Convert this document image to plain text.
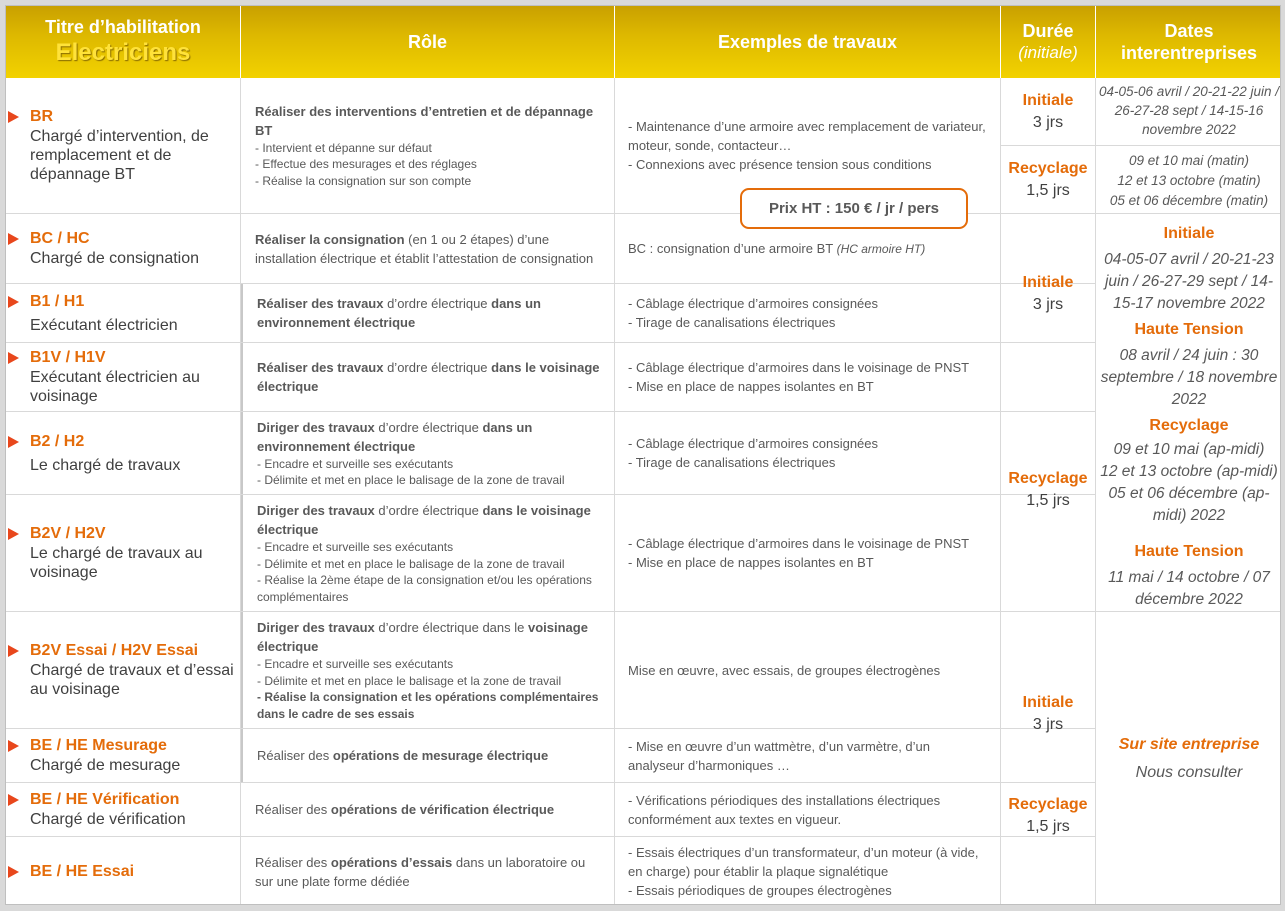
Titre d’habilitation
Electriciens	Rôle	Exemples de travaux
Durée
(initiale)
Dates
interentreprises
BR
Chargé d’intervention, de remplacement et de dépannage BT
Réaliser des interventions d’entretien et de dépannage BT
- Intervient et dépanne sur défaut
- Effectue des mesurages et des réglages
- Réalise la consignation sur son compte
- Maintenance d’une armoire avec remplacement de variateur, moteur, sonde, contacteur…
- Connexions avec présence tension sous conditions
BC / HC
Chargé de consignation
Réaliser la consignation (en 1 ou 2 étapes) d’une installation électrique et établit l’attestation de consignation
BC : consignation d’une armoire BT (HC armoire HT)
B1 / H1
Exécutant électricien
Réaliser des travaux d’ordre électrique dans un environnement électrique
- Câblage électrique d’armoires consignées
- Tirage de canalisations électriques
B1V / H1V
Exécutant électricien au voisinage
Réaliser des travaux d’ordre électrique dans le voisinage électrique
- Câblage électrique d’armoires dans le voisinage de PNST
- Mise en place de nappes isolantes en BT
B2 / H2
Le chargé de travaux
Diriger des travaux d’ordre électrique dans un environnement électrique
- Encadre et surveille ses exécutants
- Délimite et met en place le balisage de la zone de travail
- Câblage électrique d’armoires consignées
- Tirage de canalisations électriques
B2V / H2V
Le chargé de travaux au voisinage
Diriger des travaux d’ordre électrique dans le voisinage électrique
- Encadre et surveille ses exécutants
- Délimite et met en place le balisage de la zone de travail
- Réalise la 2ème étape de la consignation et/ou les opérations complémentaires
- Câblage électrique d’armoires dans le voisinage de PNST
- Mise en place de nappes isolantes en BT
B2V Essai / H2V Essai
Chargé de travaux et d’essai au voisinage
Diriger des travaux d’ordre électrique dans le voisinage électrique
- Encadre et surveille ses exécutants
- Délimite et met en place le balisage et la zone de travail
- Réalise la consignation et les opérations complémentaires dans le cadre de ses essais
Mise en œuvre, avec essais, de groupes électrogènes
BE / HE Mesurage
Chargé de mesurage
Réaliser des opérations de mesurage électrique
- Mise en œuvre d’un wattmètre, d’un varmètre, d’un analyseur d’harmoniques …
BE / HE Vérification
Chargé de vérification
Réaliser des opérations de vérification électrique
- Vérifications périodiques des installations électriques conformément aux textes en vigueur.
BE / HE Essai
Réaliser des opérations d’essais dans un laboratoire ou sur une plate forme dédiée
- Essais électriques d’un transformateur, d’un moteur (à vide, en charge) pour établir la plaque signalétique
- Essais périodiques de groupes électrogènes
Prix HT : 150 € / jr / pers
Initiale
3 jrs
Recyclage
1,5 jrs
Initiale
3 jrs
Recyclage
1,5 jrs
Initiale
3 jrs
Recyclage
1,5 jrs
04-05-06 avril / 20-21-22 juin / 26-27-28 sept / 14-15-16 novembre 2022
09 et 10 mai (matin)
12 et 13 octobre (matin)
05 et 06 décembre (matin)
Initiale
04-05-07 avril / 20-21-23 juin / 26-27-29 sept / 14-15-17 novembre 2022
Haute Tension
08 avril / 24 juin : 30 septembre / 18 novembre 2022
Recyclage
09 et 10 mai (ap-midi)
12 et 13 octobre (ap-midi)
05 et 06 décembre (ap-midi) 2022
Haute Tension
11 mai / 14 octobre / 07 décembre 2022
Sur site entreprise
Nous consulter
